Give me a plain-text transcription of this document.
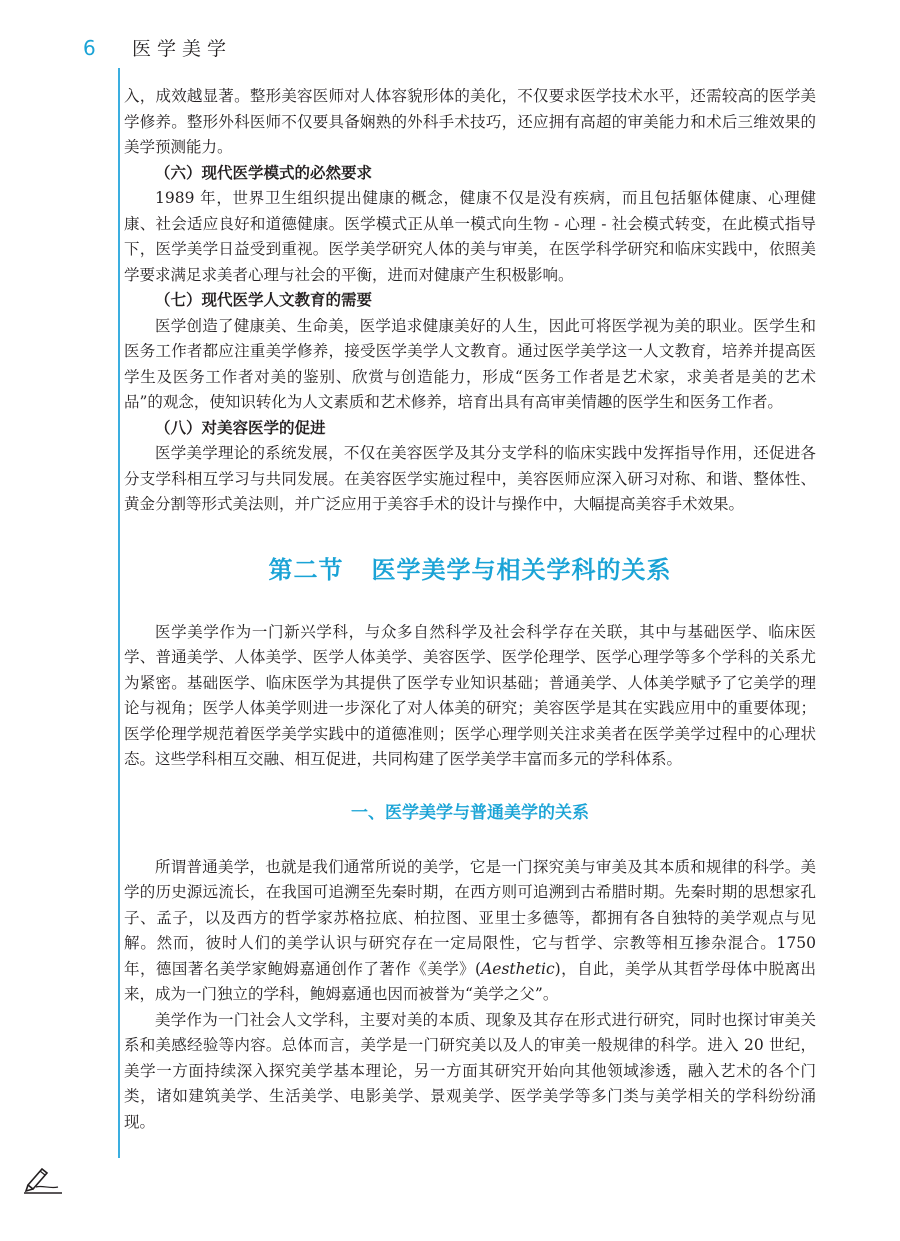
6 医学美学

入，成效越显著。整形美容医师对人体容貌形体的美化，不仅要求医学技术水平，还需较高的医学美学修养。整形外科医师不仅要具备娴熟的外科手术技巧，还应拥有高超的审美能力和术后三维效果的美学预测能力。

（六）现代医学模式的必然要求

1989 年，世界卫生组织提出健康的概念，健康不仅是没有疾病，而且包括躯体健康、心理健康、社会适应良好和道德健康。医学模式正从单一模式向生物 - 心理 - 社会模式转变，在此模式指导下，医学美学日益受到重视。医学美学研究人体的美与审美，在医学科学研究和临床实践中，依照美学要求满足求美者心理与社会的平衡，进而对健康产生积极影响。

（七）现代医学人文教育的需要

医学创造了健康美、生命美，医学追求健康美好的人生，因此可将医学视为美的职业。医学生和医务工作者都应注重美学修养，接受医学美学人文教育。通过医学美学这一人文教育，培养并提高医学生及医务工作者对美的鉴别、欣赏与创造能力，形成“医务工作者是艺术家，求美者是美的艺术品”的观念，使知识转化为人文素质和艺术修养，培育出具有高审美情趣的医学生和医务工作者。

（八）对美容医学的促进

医学美学理论的系统发展，不仅在美容医学及其分支学科的临床实践中发挥指导作用，还促进各分支学科相互学习与共同发展。在美容医学实施过程中，美容医师应深入研习对称、和谐、整体性、黄金分割等形式美法则，并广泛应用于美容手术的设计与操作中，大幅提高美容手术效果。

第二节 医学美学与相关学科的关系

医学美学作为一门新兴学科，与众多自然科学及社会科学存在关联，其中与基础医学、临床医学、普通美学、人体美学、医学人体美学、美容医学、医学伦理学、医学心理学等多个学科的关系尤为紧密。基础医学、临床医学为其提供了医学专业知识基础；普通美学、人体美学赋予了它美学的理论与视角；医学人体美学则进一步深化了对人体美的研究；美容医学是其在实践应用中的重要体现；医学伦理学规范着医学美学实践中的道德准则；医学心理学则关注求美者在医学美学过程中的心理状态。这些学科相互交融、相互促进，共同构建了医学美学丰富而多元的学科体系。

一、医学美学与普通美学的关系

所谓普通美学，也就是我们通常所说的美学，它是一门探究美与审美及其本质和规律的科学。美学的历史源远流长，在我国可追溯至先秦时期，在西方则可追溯到古希腊时期。先秦时期的思想家孔子、孟子，以及西方的哲学家苏格拉底、柏拉图、亚里士多德等，都拥有各自独特的美学观点与见解。然而，彼时人们的美学认识与研究存在一定局限性，它与哲学、宗教等相互掺杂混合。1750 年，德国著名美学家鲍姆嘉通创作了著作《美学》(Aesthetic)，自此，美学从其哲学母体中脱离出来，成为一门独立的学科，鲍姆嘉通也因而被誉为“美学之父”。

美学作为一门社会人文学科，主要对美的本质、现象及其存在形式进行研究，同时也探讨审美关系和美感经验等内容。总体而言，美学是一门研究美以及人的审美一般规律的科学。进入 20 世纪，美学一方面持续深入探究美学基本理论，另一方面其研究开始向其他领域渗透，融入艺术的各个门类，诸如建筑美学、生活美学、电影美学、景观美学、医学美学等多门类与美学相关的学科纷纷涌现。
